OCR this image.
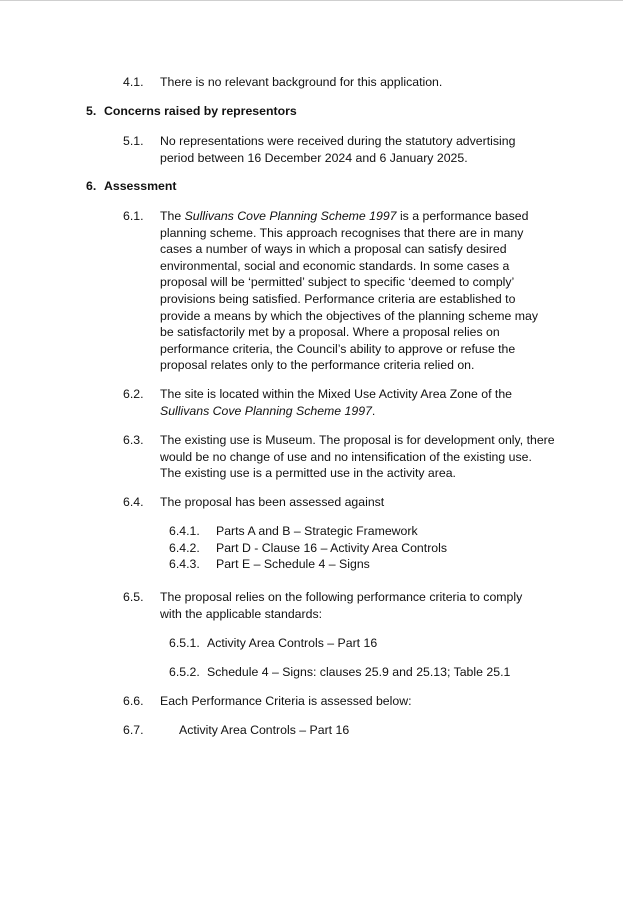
4.1. There is no relevant background for this application.
5. Concerns raised by representors
5.1. No representations were received during the statutory advertising period between 16 December 2024 and 6 January 2025.
6. Assessment
6.1. The Sullivans Cove Planning Scheme 1997 is a performance based planning scheme. This approach recognises that there are in many cases a number of ways in which a proposal can satisfy desired environmental, social and economic standards. In some cases a proposal will be ‘permitted’ subject to specific ‘deemed to comply’ provisions being satisfied. Performance criteria are established to provide a means by which the objectives of the planning scheme may be satisfactorily met by a proposal. Where a proposal relies on performance criteria, the Council’s ability to approve or refuse the proposal relates only to the performance criteria relied on.
6.2. The site is located within the Mixed Use Activity Area Zone of the Sullivans Cove Planning Scheme 1997.
6.3. The existing use is Museum. The proposal is for development only, there would be no change of use and no intensification of the existing use. The existing use is a permitted use in the activity area.
6.4. The proposal has been assessed against
6.4.1. Parts A and B – Strategic Framework
6.4.2. Part D - Clause 16 – Activity Area Controls
6.4.3. Part E – Schedule 4 – Signs
6.5. The proposal relies on the following performance criteria to comply with the applicable standards:
6.5.1. Activity Area Controls – Part 16
6.5.2. Schedule 4 – Signs: clauses 25.9 and 25.13; Table 25.1
6.6. Each Performance Criteria is assessed below:
6.7.	Activity Area Controls – Part 16
